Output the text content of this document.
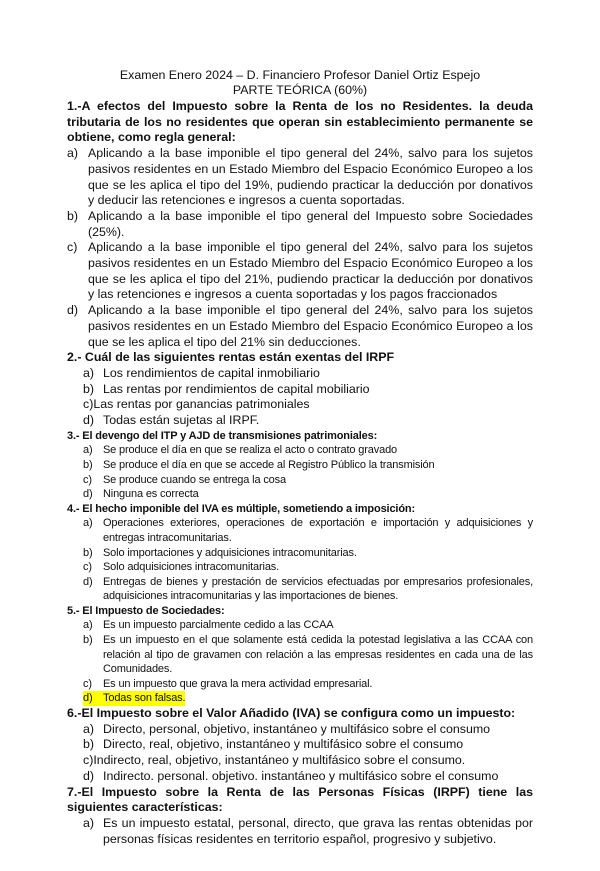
Examen Enero 2024 – D. Financiero Profesor Daniel Ortiz Espejo
PARTE TEÓRICA (60%)
1.-A efectos del Impuesto sobre la Renta de los no Residentes. la deuda tributaria de los no residentes que operan sin establecimiento permanente se obtiene, como regla general:
a) Aplicando a la base imponible el tipo general del 24%, salvo para los sujetos pasivos residentes en un Estado Miembro del Espacio Económico Europeo a los que se les aplica el tipo del 19%, pudiendo practicar la deducción por donativos y deducir las retenciones e ingresos a cuenta soportadas.
b) Aplicando a la base imponible el tipo general del Impuesto sobre Sociedades (25%).
c) Aplicando a la base imponible el tipo general del 24%, salvo para los sujetos pasivos residentes en un Estado Miembro del Espacio Económico Europeo a los que se les aplica el tipo del 21%, pudiendo practicar la deducción por donativos y las retenciones e ingresos a cuenta soportadas y los pagos fraccionados
d) Aplicando a la base imponible el tipo general del 24%, salvo para los sujetos pasivos residentes en un Estado Miembro del Espacio Económico Europeo a los que se les aplica el tipo del 21% sin deducciones.
2.- Cuál de las siguientes rentas están exentas del IRPF
a) Los rendimientos de capital inmobiliario
b) Las rentas por rendimientos de capital mobiliario
c) Las rentas por ganancias patrimoniales
d) Todas están sujetas al IRPF.
3.- El devengo del ITP y AJD de transmisiones patrimoniales:
a) Se produce el día en que se realiza el acto o contrato gravado
b) Se produce el día en que se accede al Registro Público la transmisión
c)	Se produce cuando se entrega la cosa
d) Ninguna es correcta
4.- El hecho imponible del IVA es múltiple, sometiendo a imposición:
a) Operaciones exteriores, operaciones de exportación e importación y adquisiciones y entregas intracomunitarias.
b) Solo importaciones y adquisiciones intracomunitarias.
c)	Solo adquisiciones intracomunitarias.
d) Entregas de bienes y prestación de servicios efectuadas por empresarios profesionales, adquisiciones intracomunitarias y las importaciones de bienes.
5.- El Impuesto de Sociedades:
a) Es un impuesto parcialmente cedido a las CCAA
b) Es un impuesto en el que solamente está cedida la potestad legislativa a las CCAA con relación al tipo de gravamen con relación a las empresas residentes en cada una de las Comunidades.
c)	Es un impuesto que grava la mera actividad empresarial.
d) Todas son falsas.
6.-El Impuesto sobre el Valor Añadido (IVA) se configura como un impuesto:
a) Directo, personal, objetivo, instantáneo y multifásico sobre el consumo
b) Directo, real, objetivo, instantáneo y multifásico sobre el consumo
c) Indirecto, real, objetivo, instantáneo y multifásico sobre el consumo.
d) Indirecto. personal. objetivo. instantáneo y multifásico sobre el consumo
7.-El Impuesto sobre la Renta de las Personas Físicas (IRPF) tiene las siguientes características:
a) Es un impuesto estatal, personal, directo, que grava las rentas obtenidas por personas físicas residentes en territorio español, progresivo y subjetivo.
